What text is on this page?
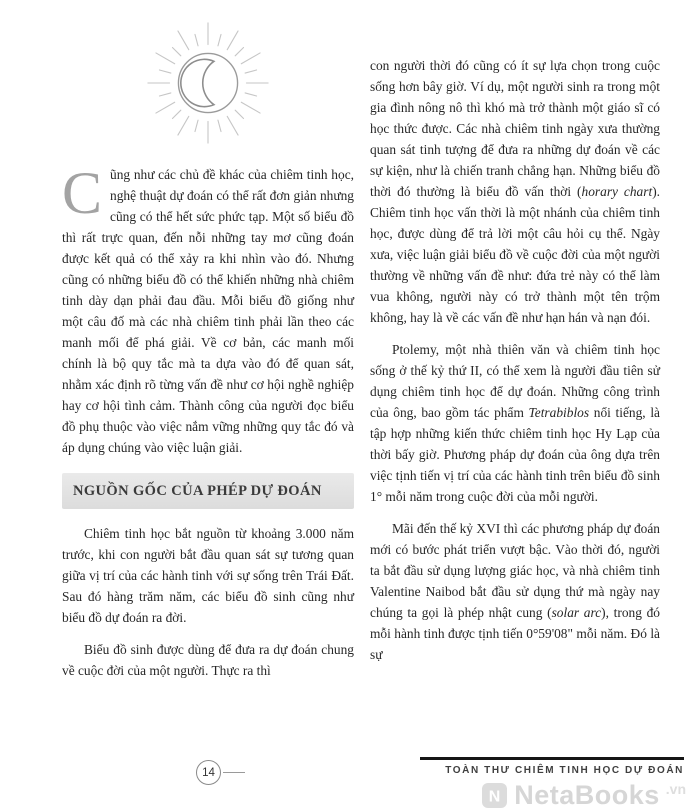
Cũng như các chủ đề khác của chiêm tinh học, nghệ thuật dự đoán có thể rất đơn giản nhưng cũng có thể hết sức phức tạp. Một số biểu đồ thì rất trực quan, đến nỗi những tay mơ cũng đoán được kết quả có thể xảy ra khi nhìn vào đó. Nhưng cũng có những biểu đồ có thể khiến những nhà chiêm tinh dày dạn phải đau đầu. Mỗi biểu đồ giống như một câu đố mà các nhà chiêm tinh phải lần theo các manh mối để phá giải. Về cơ bản, các manh mối chính là bộ quy tắc mà ta dựa vào đó để quan sát, nhằm xác định rõ từng vấn đề như cơ hội nghề nghiệp hay cơ hội tình cảm. Thành công của người đọc biểu đồ phụ thuộc vào việc nắm vững những quy tắc đó và áp dụng chúng vào việc luận giải.

NGUỒN GỐC CỦA PHÉP DỰ ĐOÁN

Chiêm tinh học bắt nguồn từ khoảng 3.000 năm trước, khi con người bắt đầu quan sát sự tương quan giữa vị trí của các hành tinh với sự sống trên Trái Đất. Sau đó hàng trăm năm, các biểu đồ sinh cũng như biểu đồ dự đoán ra đời.

Biểu đồ sinh được dùng để đưa ra dự đoán chung về cuộc đời của một người. Thực ra thì

con người thời đó cũng có ít sự lựa chọn trong cuộc sống hơn bây giờ. Ví dụ, một người sinh ra trong một gia đình nông nô thì khó mà trở thành một giáo sĩ có học thức được. Các nhà chiêm tinh ngày xưa thường quan sát tinh tượng để đưa ra những dự đoán về các sự kiện, như là chiến tranh chẳng hạn. Những biểu đồ thời đó thường là biểu đồ vấn thời (horary chart). Chiêm tinh học vấn thời là một nhánh của chiêm tinh học, được dùng để trả lời một câu hỏi cụ thể. Ngày xưa, việc luận giải biểu đồ về cuộc đời của một người thường về những vấn đề như: đứa trẻ này có thể làm vua không, người này có trở thành một tên trộm không, hay là về các vấn đề như hạn hán và nạn đói.

Ptolemy, một nhà thiên văn và chiêm tinh học sống ở thế kỷ thứ II, có thể xem là người đầu tiên sử dụng chiêm tinh học để dự đoán. Những công trình của ông, bao gồm tác phẩm Tetrabiblos nổi tiếng, là tập hợp những kiến thức chiêm tinh học Hy Lạp của thời bấy giờ. Phương pháp dự đoán của ông dựa trên việc tịnh tiến vị trí của các hành tinh trên biểu đồ sinh 1° mỗi năm trong cuộc đời của mỗi người.

Mãi đến thế kỷ XVI thì các phương pháp dự đoán mới có bước phát triển vượt bậc. Vào thời đó, người ta bắt đầu sử dụng lượng giác học, và nhà chiêm tinh Valentine Naibod bắt đầu sử dụng thứ mà ngày nay chúng ta gọi là phép nhật cung (solar arc), trong đó mỗi hành tinh được tịnh tiến 0°59'08" mỗi năm. Đó là sự

14	TOÀN THƯ CHIÊM TINH HỌC DỰ ĐOÁN
N NetaBooks .vn
